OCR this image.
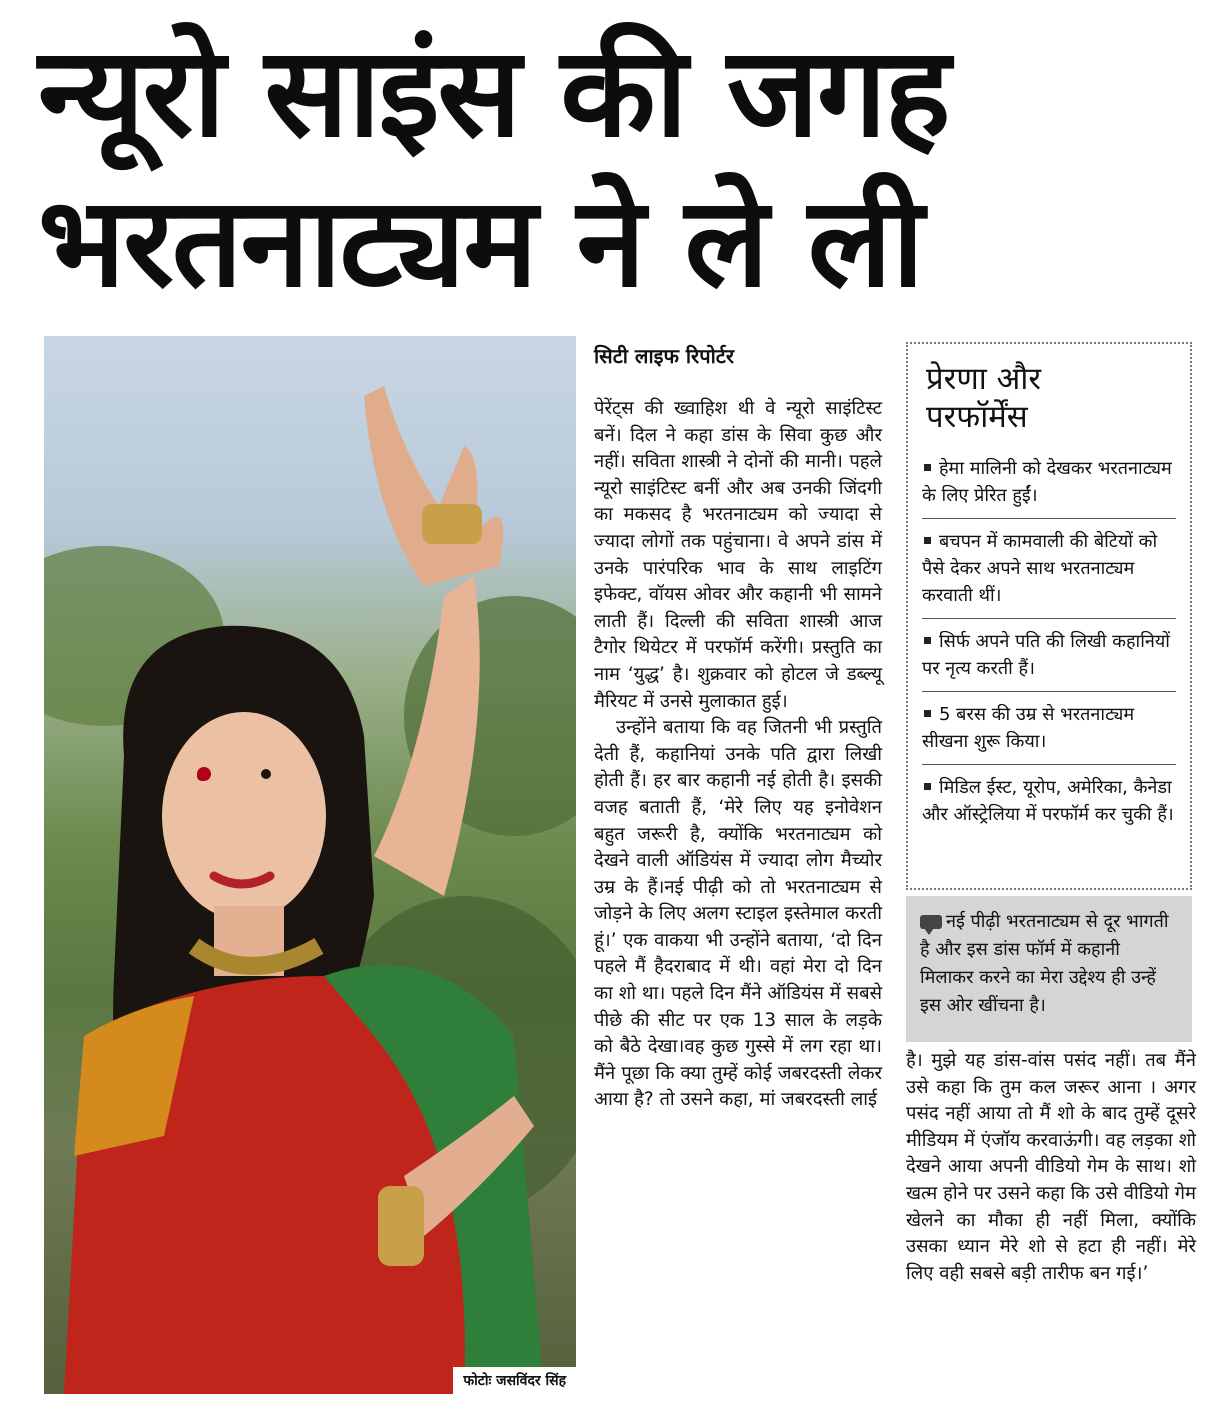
न्यूरो साइंस की जगह
भरतनाट्यम ने ले ली
फोटोः जसविंदर सिंह

सिटी लाइफ रिपोर्टर

पेरेंट्स की ख्वाहिश थी वे न्यूरो साइंटिस्ट बनें। दिल ने कहा डांस के सिवा कुछ और नहीं। सविता शास्त्री ने दोनों की मानी। पहले न्यूरो साइंटिस्ट बनीं और अब उनकी जिंदगी का मकसद है भरतनाट्यम को ज्यादा से ज्यादा लोगों तक पहुंचाना। वे अपने डांस में उनके पारंपरिक भाव के साथ लाइटिंग इफेक्ट, वॉयस ओवर और कहानी भी सामने लाती हैं। दिल्ली की सविता शास्त्री आज टैगोर थियेटर में परफॉर्म करेंगी। प्रस्तुति का नाम ‘युद्ध’ है। शुक्रवार को होटल जे डब्ल्यू मैरियट में उनसे मुलाकात हुई।

उन्होंने बताया कि वह जितनी भी प्रस्तुति देती हैं, कहानियां उनके पति द्वारा लिखी होती हैं। हर बार कहानी नई होती है। इसकी वजह बताती हैं, ‘मेरे लिए यह इनोवेशन बहुत जरूरी है, क्योंकि भरतनाट्यम को देखने वाली ऑडियंस में ज्यादा लोग मैच्योर उम्र के हैं।नई पीढ़ी को तो भरतनाट्यम से जोड़ने के लिए अलग स्टाइल इस्तेमाल करती हूं।’ एक वाकया भी उन्होंने बताया, ‘दो दिन पहले मैं हैदराबाद में थी। वहां मेरा दो दिन का शो था। पहले दिन मैंने ऑडियंस में सबसे पीछे की सीट पर एक 13 साल के लड़के को बैठे देखा।वह कुछ गुस्से में लग रहा था। मैंने पूछा कि क्या तुम्हें कोई जबरदस्ती लेकर आया है? तो उसने कहा, मां जबरदस्ती लाई

प्रेरणा और
परफॉर्मेंस
हेमा मालिनी को देखकर भरतनाट्यम के लिए प्रेरित हुईं।
बचपन में कामवाली की बेटियों को पैसे देकर अपने साथ भरतनाट्यम करवाती थीं।
सिर्फ अपने पति की लिखी कहानियों पर नृत्य करती हैं।
5 बरस की उम्र से भरतनाट्यम सीखना शुरू किया।
मिडिल ईस्ट, यूरोप, अमेरिका, कैनेडा और ऑस्ट्रेलिया में परफॉर्म कर चुकी हैं।
नई पीढ़ी भरतनाट्यम से दूर भागती है और इस डांस फॉर्म में कहानी मिलाकर करने का मेरा उद्देश्य ही उन्हें इस ओर खींचना है।

है। मुझे यह डांस-वांस पसंद नहीं। तब मैंने उसे कहा कि तुम कल जरूर आना । अगर पसंद नहीं आया तो मैं शो के बाद तुम्हें दूसरे मीडियम में एंजॉय करवाऊंगी। वह लड़का शो देखने आया अपनी वीडियो गेम के साथ। शो खत्म होने पर उसने कहा कि उसे वीडियो गेम खेलने का मौका ही नहीं मिला, क्योंकि उसका ध्यान मेरे शो से हटा ही नहीं। मेरे लिए वही सबसे बड़ी तारीफ बन गई।’
